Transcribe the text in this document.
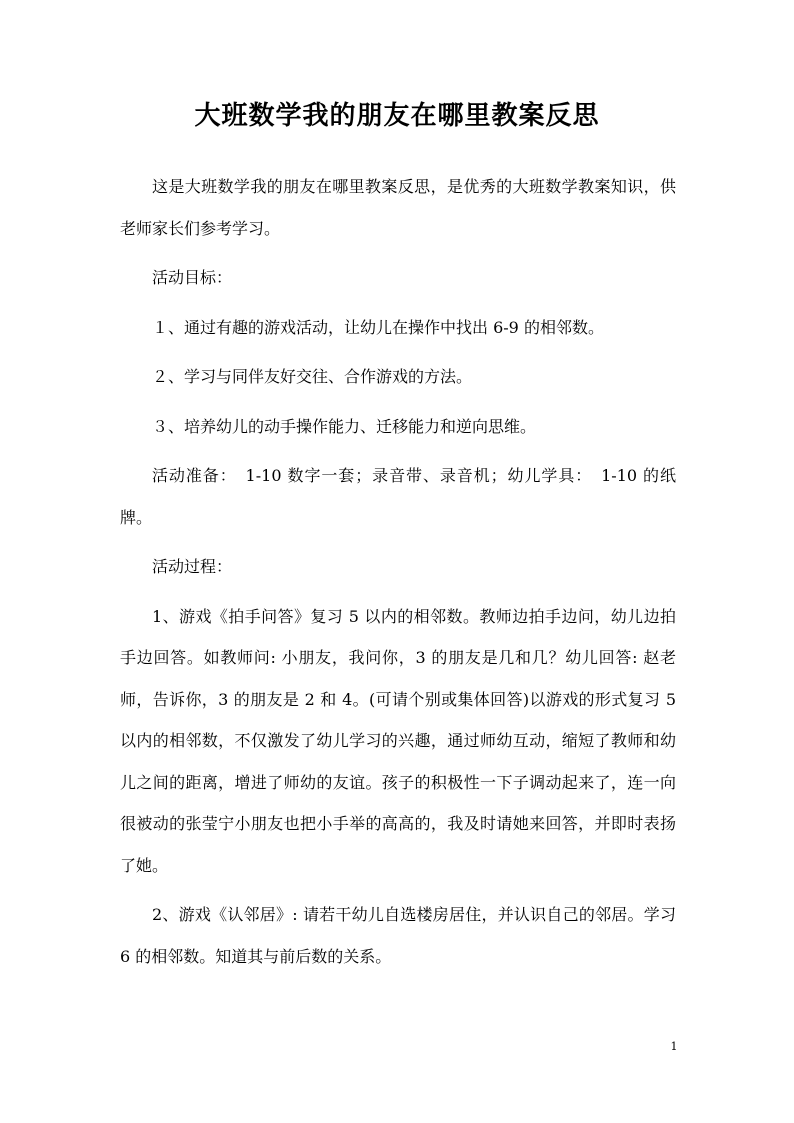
大班数学我的朋友在哪里教案反思

这是大班数学我的朋友在哪里教案反思，是优秀的大班数学教案知识，供老师家长们参考学习。

活动目标：

１、通过有趣的游戏活动，让幼儿在操作中找出 6-9 的相邻数。

２、学习与同伴友好交往、合作游戏的方法。

３、培养幼儿的动手操作能力、迁移能力和逆向思维。

活动准备：　1-10 数字一套；录音带、录音机；幼儿学具：　1-10 的纸牌。

活动过程：

1、游戏《拍手问答》复习 5 以内的相邻数。教师边拍手边问，幼儿边拍手边回答。如教师问: 小朋友，我问你，3 的朋友是几和几？幼儿回答: 赵老师，告诉你，3 的朋友是 2 和 4。(可请个别或集体回答)以游戏的形式复习 5 以内的相邻数，不仅激发了幼儿学习的兴趣，通过师幼互动，缩短了教师和幼儿之间的距离，增进了师幼的友谊。孩子的积极性一下子调动起来了，连一向很被动的张莹宁小朋友也把小手举的高高的，我及时请她来回答，并即时表扬了她。

2、游戏《认邻居》: 请若干幼儿自选楼房居住，并认识自己的邻居。学习 6 的相邻数。知道其与前后数的关系。

1
